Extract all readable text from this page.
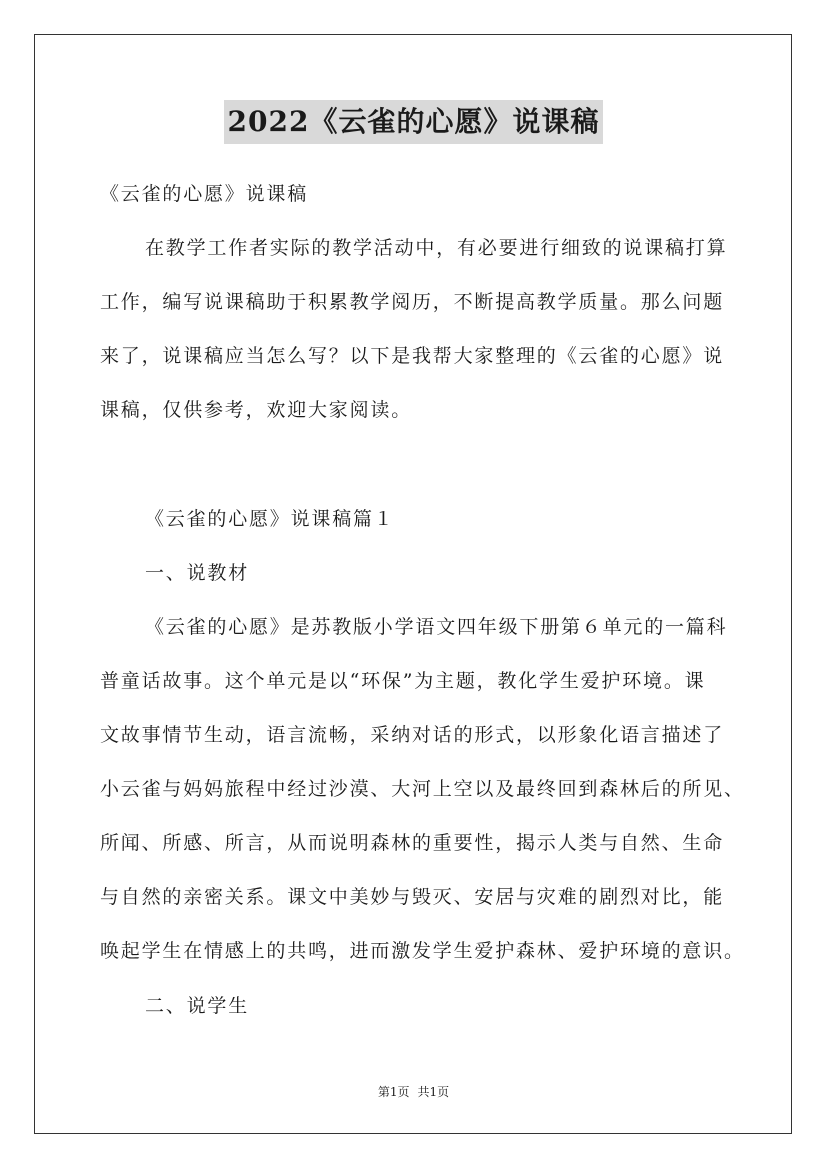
2022《云雀的心愿》说课稿
《云雀的心愿》说课稿
在教学工作者实际的教学活动中，有必要进行细致的说课稿打算
工作，编写说课稿助于积累教学阅历，不断提高教学质量。那么问题
来了，说课稿应当怎么写？以下是我帮大家整理的《云雀的心愿》说
课稿，仅供参考，欢迎大家阅读。
《云雀的心愿》说课稿篇１
一、说教材
《云雀的心愿》是苏教版小学语文四年级下册第６单元的一篇科
普童话故事。这个单元是以“环保”为主题，教化学生爱护环境。课
文故事情节生动，语言流畅，采纳对话的形式，以形象化语言描述了
小云雀与妈妈旅程中经过沙漠、大河上空以及最终回到森林后的所见、
所闻、所感、所言，从而说明森林的重要性，揭示人类与自然、生命
与自然的亲密关系。课文中美妙与毁灭、安居与灾难的剧烈对比，能
唤起学生在情感上的共鸣，进而激发学生爱护森林、爱护环境的意识。
二、说学生
第1页 共1页
